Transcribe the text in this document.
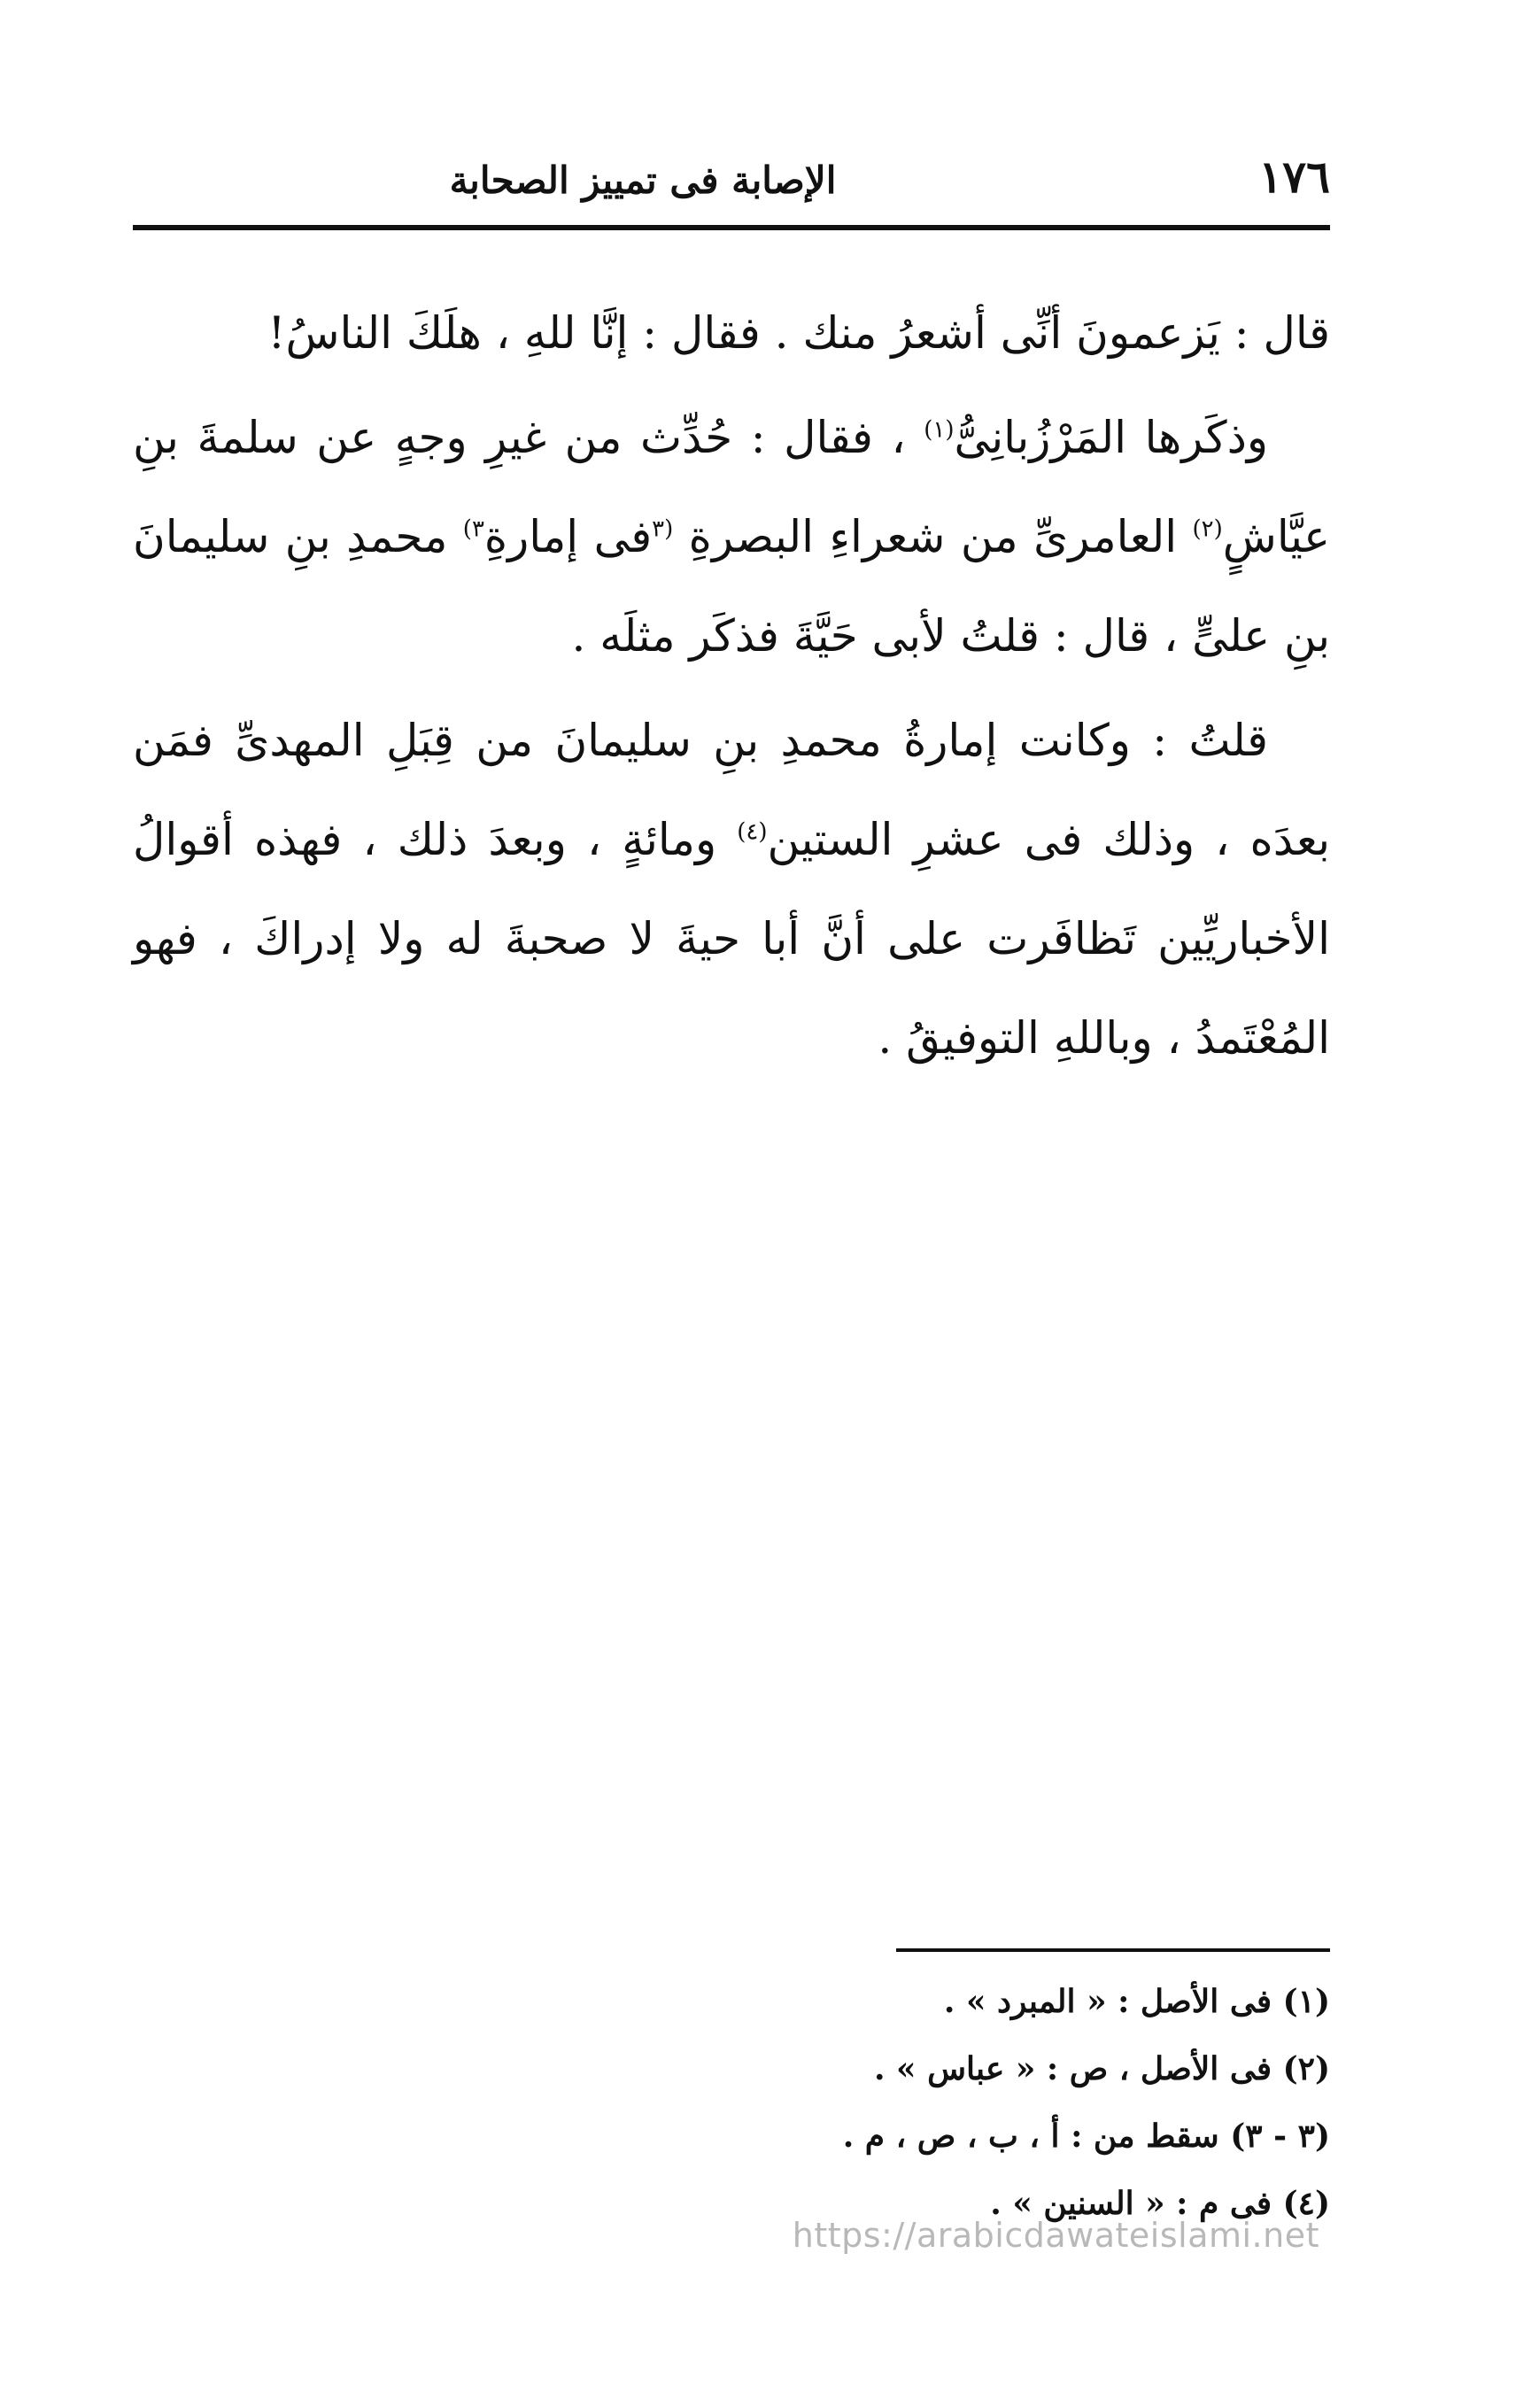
١٧٦
الإصابة فى تمييز الصحابة

قال : يَزعمونَ أنِّى أشعرُ منك . فقال : إنَّا للهِ ، هلَكَ الناسُ!

وذكَرها المَرْزُبانِىُّ$^{(١)}$ ، فقال : حُدِّث من غيرِ وجهٍ عن سلمةَ بنِ عيَّاشٍ$^{(٢)}$ العامرىِّ من شعراءِ البصرةِ $^{(٣}$فى إمارةِ$^{٣)}$ محمدِ بنِ سليمانَ بنِ علىٍّ ، قال : قلتُ لأبى حَيَّةَ فذكَر مثلَه .

قلتُ : وكانت إمارةُ محمدِ بنِ سليمانَ من قِبَلِ المهدىِّ فمَن بعدَه ، وذلك فى عشرِ الستين$^{(٤)}$ ومائةٍ ، وبعدَ ذلك ، فهذه أقوالُ الأخباريِّين تَظافَرت على أنَّ أبا حيةَ لا صحبةَ له ولا إدراكَ ، فهو المُعْتَمدُ ، وباللهِ التوفيقُ .

(١) فى الأصل : « المبرد » .

(٢) فى الأصل ، ص : « عباس » .

(٣ - ٣) سقط من : أ ، ب ، ص ، م .

(٤) فى م : « السنين » .

https://arabicdawateislami.net
